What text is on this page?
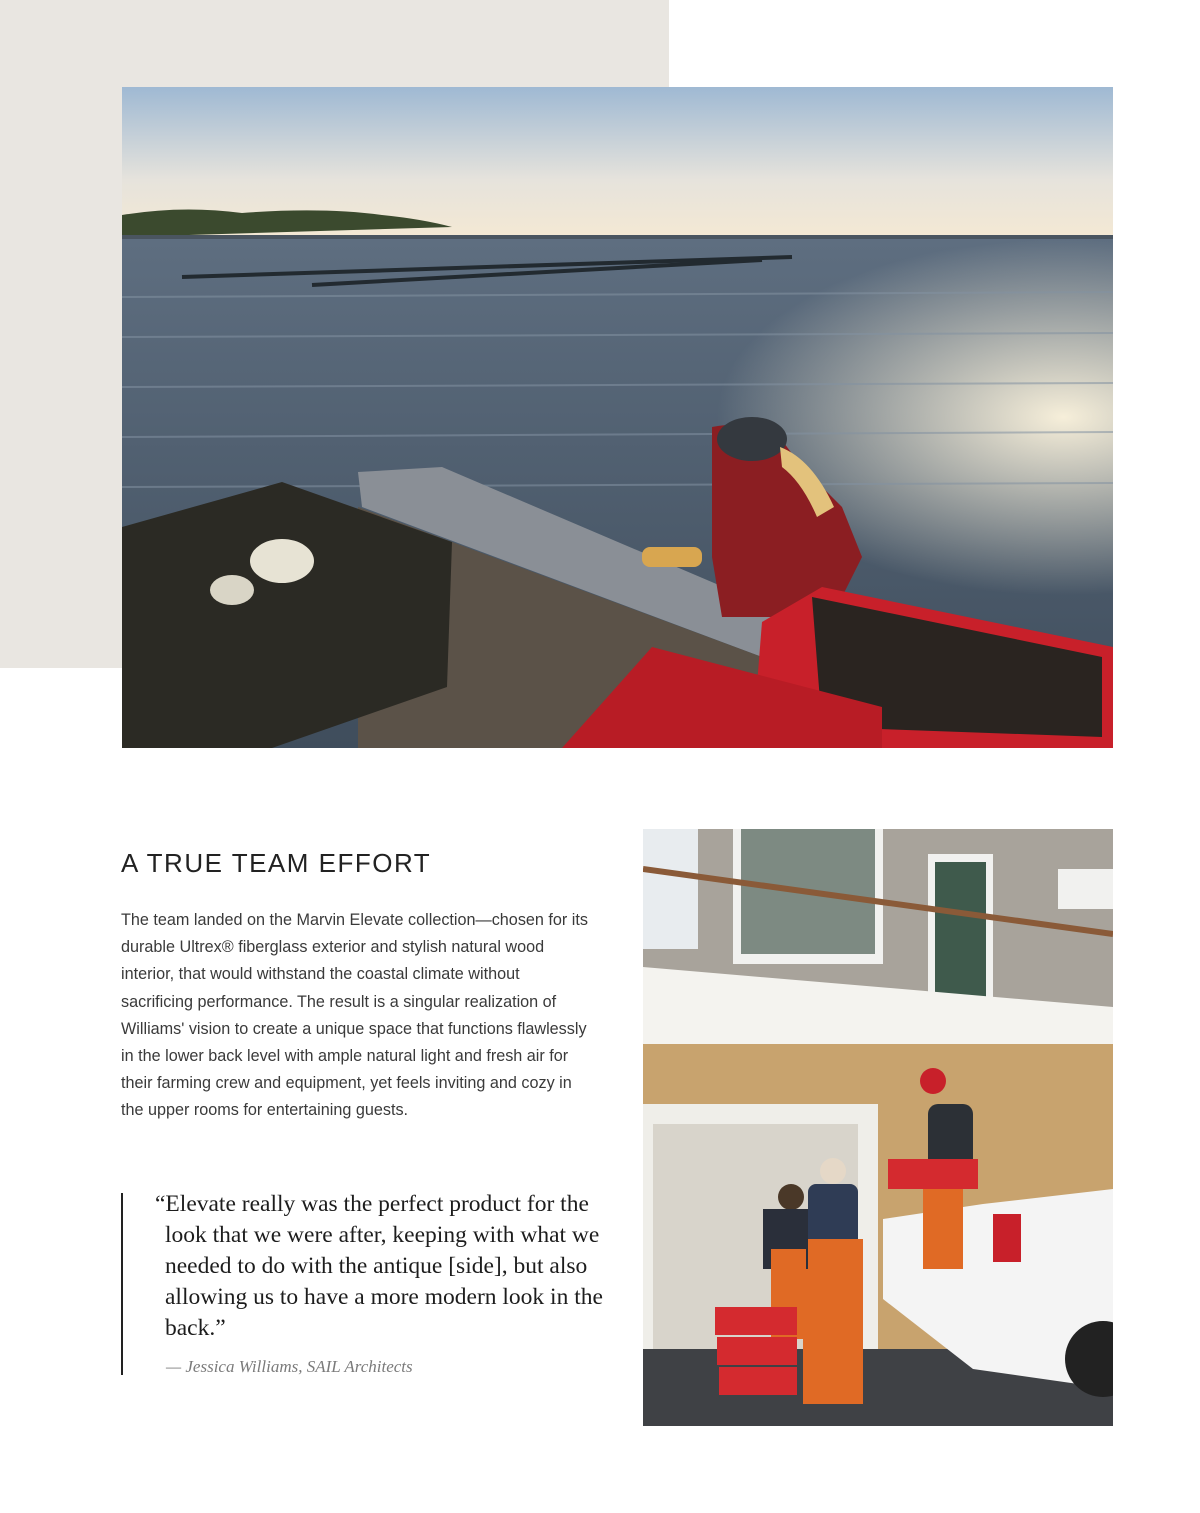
A TRUE TEAM EFFORT

The team landed on the Marvin Elevate collection—chosen for its durable Ultrex® fiberglass exterior and stylish natural wood interior, that would withstand the coastal climate without sacrificing performance. The result is a singular realization of Williams' vision to create a unique space that functions flawlessly in the lower back level with ample natural light and fresh air for their farming crew and equipment, yet feels inviting and cozy in the upper rooms for entertaining guests.

“Elevate really was the perfect product for the look that we were after, keeping with what we needed to do with the antique [side], but also allowing us to have a more modern look in the back.”

— Jessica Williams, SAIL Architects
